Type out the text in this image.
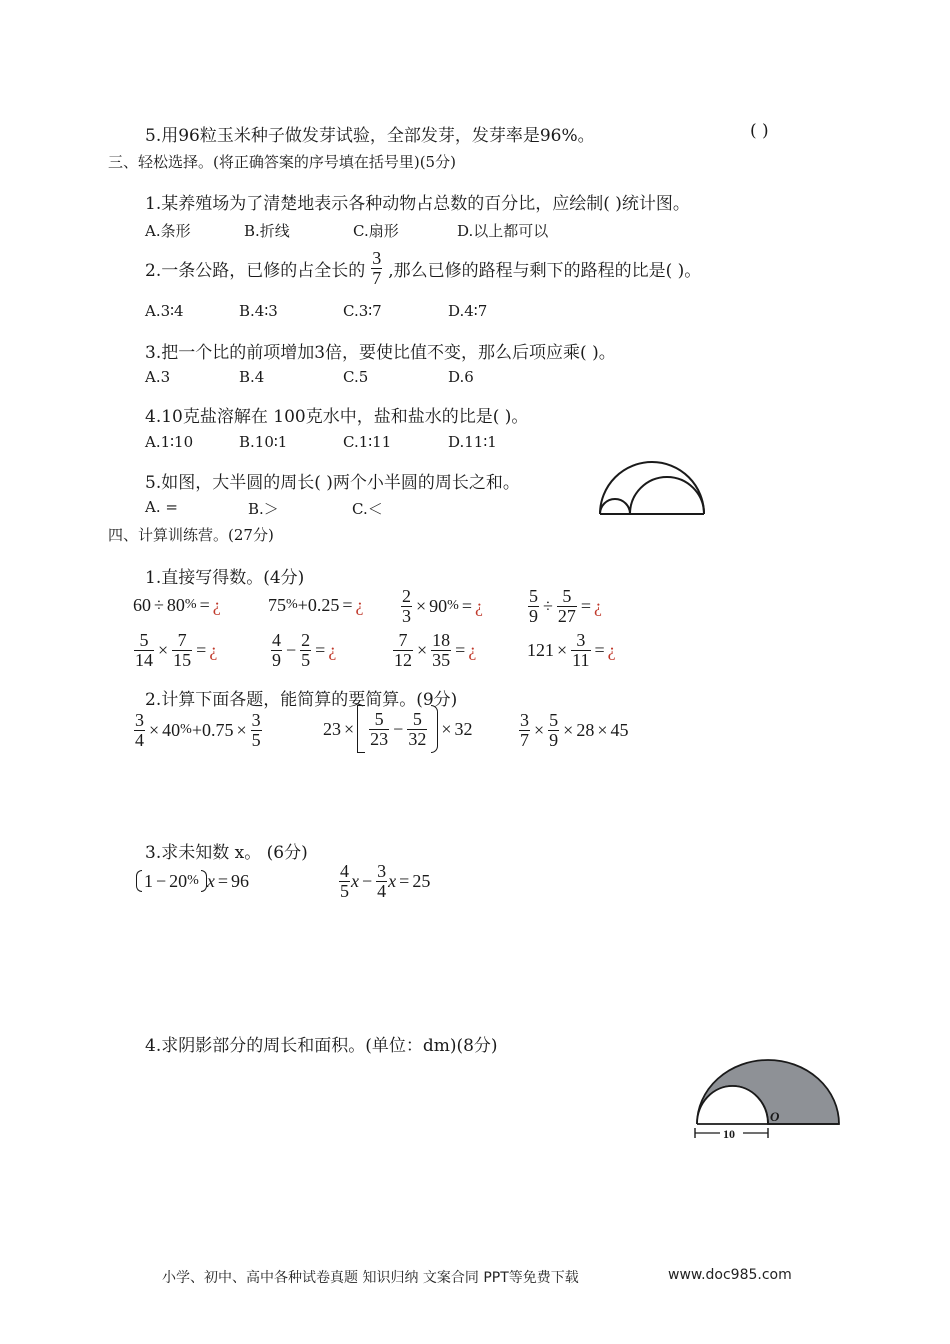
5.用96粒玉米种子做发芽试验，全部发芽，发芽率是96%。	( )
三、轻松选择。(将正确答案的序号填在括号里)(5分)
1.某养殖场为了清楚地表示各种动物占总数的百分比，应绘制( )统计图。
A.条形	B.折线	C.扇形	D.以上都可以
2.一条公路，已修的占全长的 $\frac{3}{7}$ ,那么已修的路程与剩下的路程的比是( )。
A.3∶4	B.4∶3	C.3∶7	D.4∶7
3.把一个比的前项增加3倍，要使比值不变，那么后项应乘( )。
A.3	B.4	C.5	D.6
4.10克盐溶解在 100克水中，盐和盐水的比是( )。
A.1∶10	B.10∶1	C.1∶11	D.11∶1
5.如图，大半圆的周长( )两个小半圆的周长之和。
A. =	B.＞	C.＜
四、计算训练营。(27分)
1.直接写得数。(4分)
60 ÷ 80 % = ¿	75 % + 0.25 = ¿ $\frac{2}{3} \times 90$ % = ¿	$\frac{5}{9} \div \frac{5}{27}$ = ¿
$\frac{5}{14} \times \frac{7}{15}$ = ¿	$\frac{4}{9} - \frac{2}{5}$ = ¿	$\frac{7}{12} \times \frac{18}{35}$ = ¿	$121 \times \frac{3}{11}$ = ¿
2.计算下面各题，能简算的要简算。(9分)
$\frac{3}{4} \times 40$ % + $0.75 \times \frac{3}{5}$	$23 \times \frac{5}{23} - \frac{5}{32} \times 32$	$\frac{3}{7} \times \frac{5}{9} \times 28 \times 45$
3.求未知数 x。 (6分)
1 − 20 % x = 96	$\frac{4}{5}$ $x - \frac{3}{4}$ x = 25
4.求阴影部分的周长和面积。(单位：dm)(8分)
O
10
小学、初中、高中各种试卷真题 知识归纳 文案合同 PPT等免费下载	www.doc985.com
